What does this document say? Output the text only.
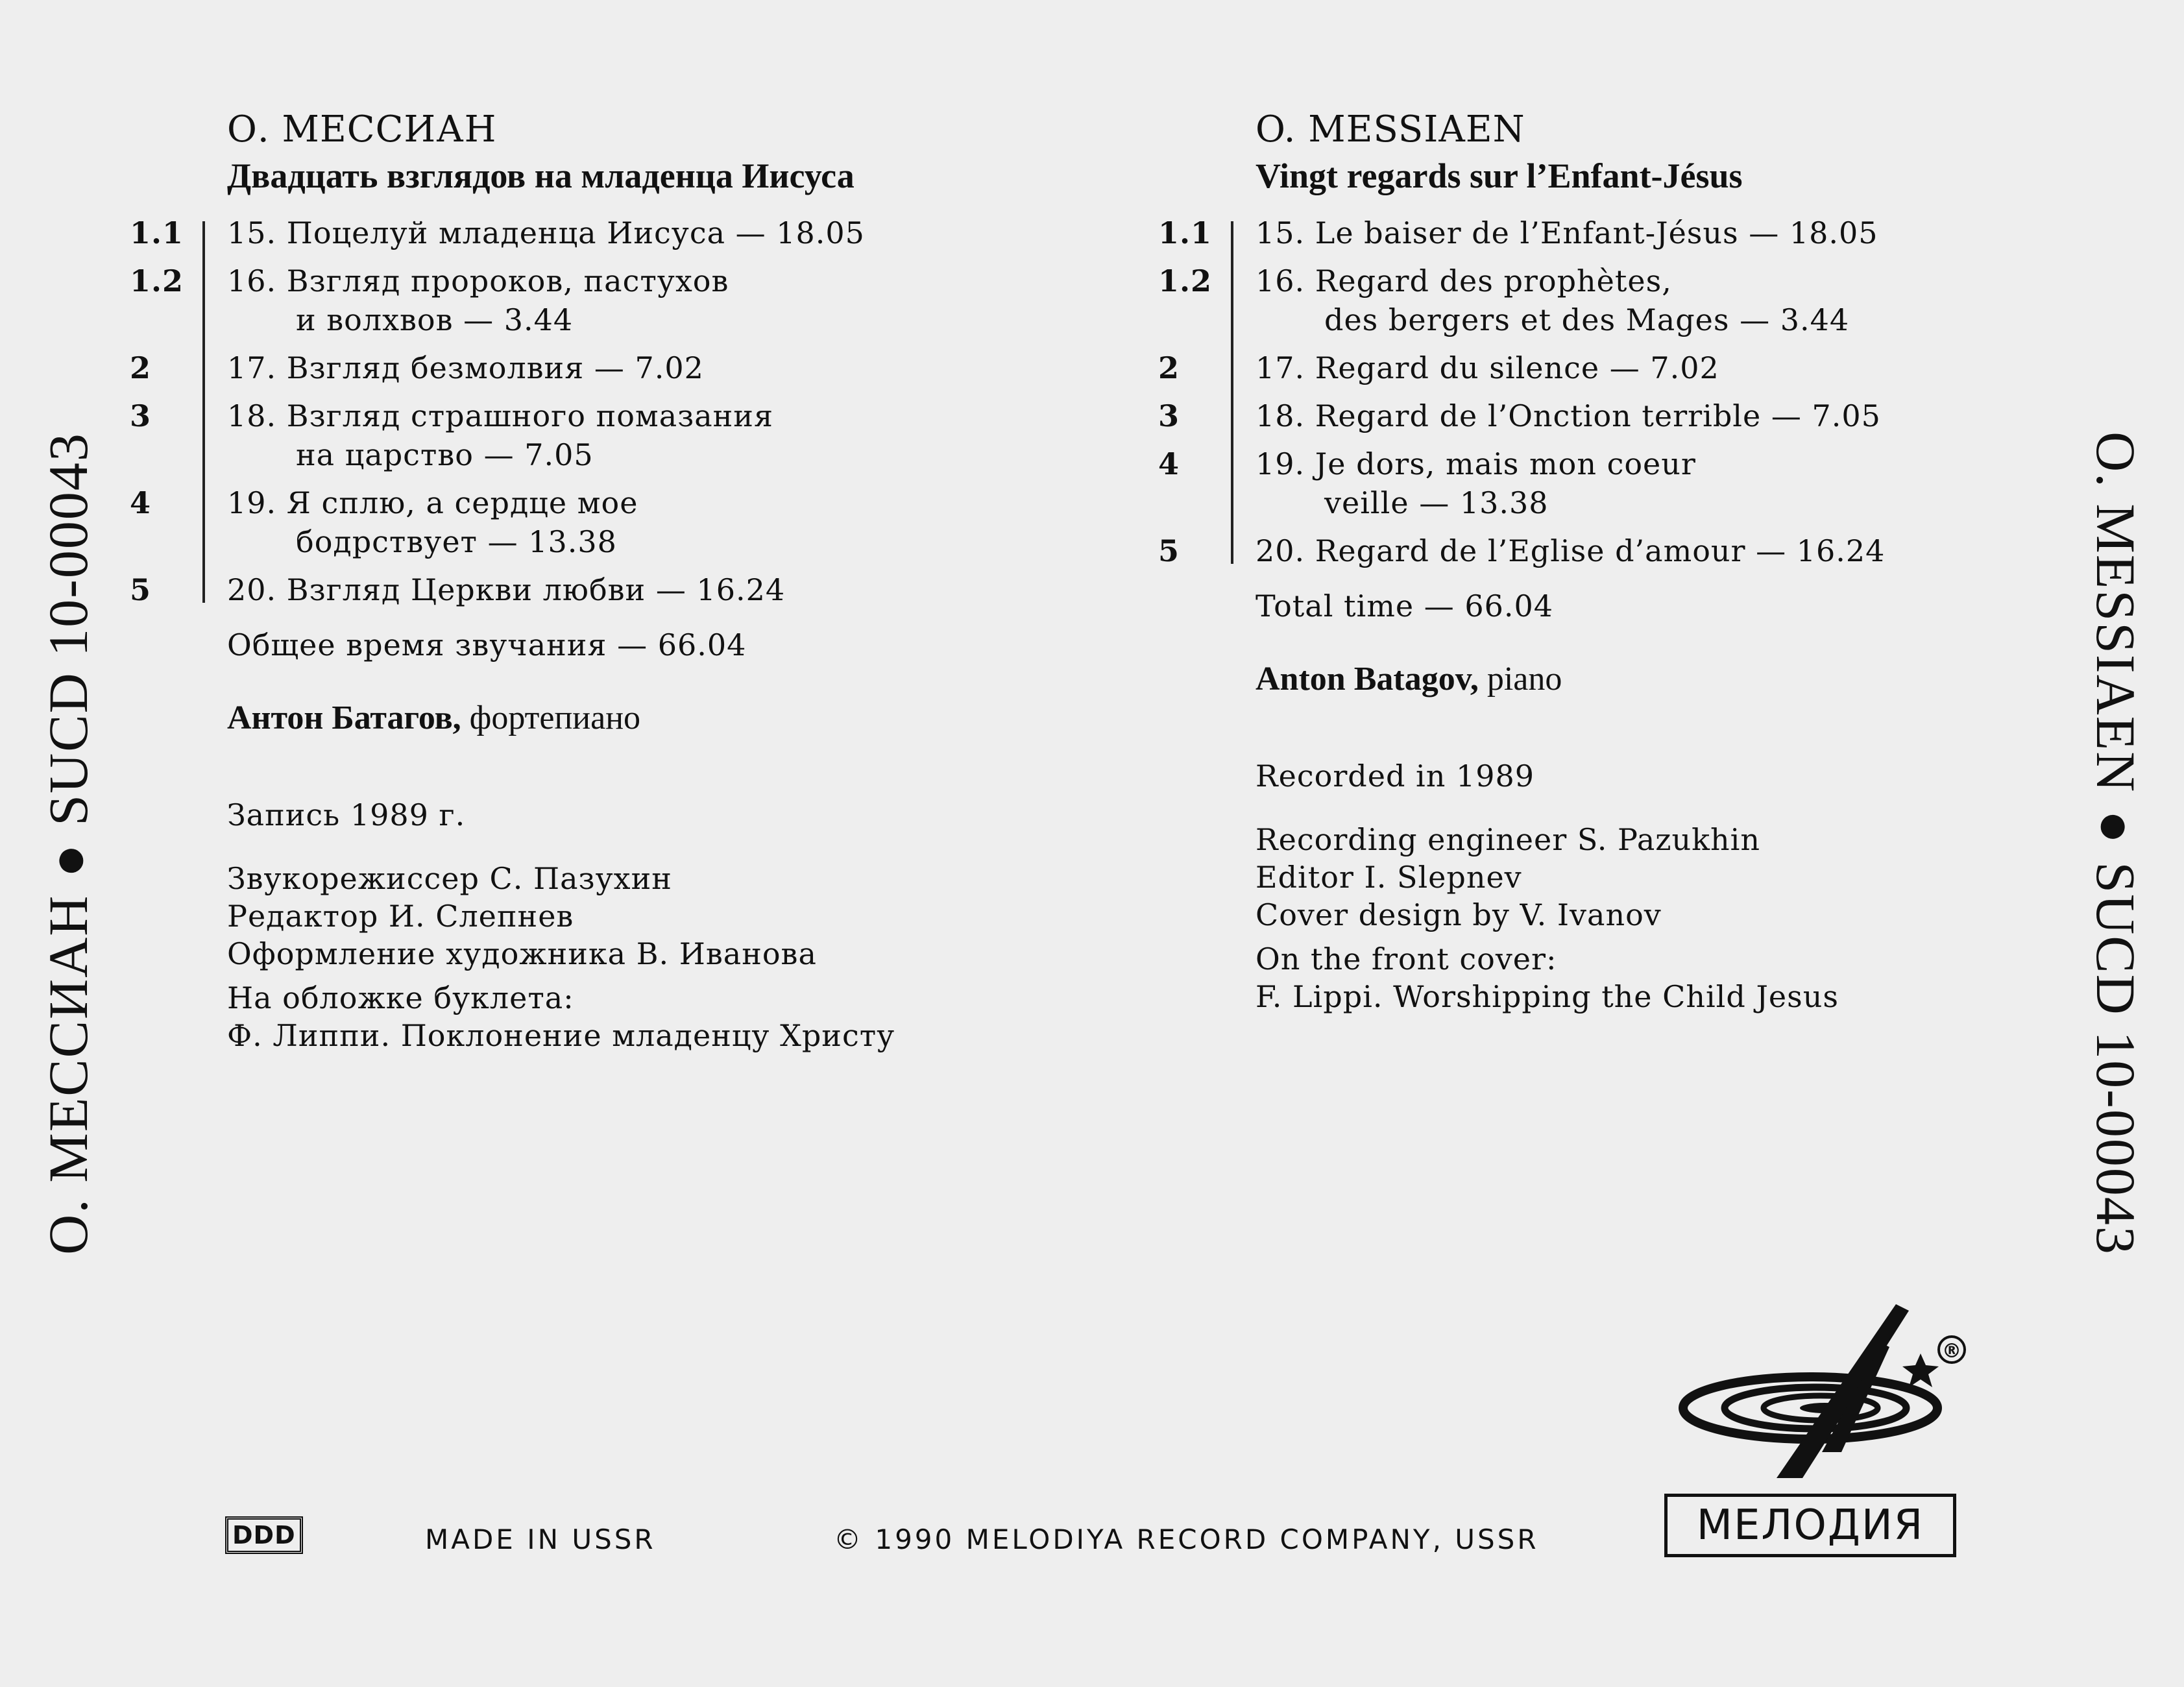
О. МЕССИАН●SUCD 10-00043	O. MESSIAEN●SUCD 10-00043
О. МЕССИАН
Двадцать взглядов на младенца Иисуса
1.1	15. Поцелуй младенца Иисуса — 18.05
1.2	16. Взгляд пророков, пастухов
и волхвов — 3.44
2	17. Взгляд безмолвия — 7.02
3	18. Взгляд страшного помазания
на царство — 7.05
4	19. Я сплю, а сердце мое
бодрствует — 13.38
5	20. Взгляд Церкви любви — 16.24
Общее время звучания — 66.04
Антон Батагов, фортепиано
Запись 1989 г.
Звукорежиссер С. Пазухин
Редактор И. Слепнев
Оформление художника В. Иванова
На обложке буклета:
Ф. Липпи. Поклонение младенцу Христу
O. MESSIAEN
Vingt regards sur l’Enfant-Jésus
1.1	15. Le baiser de l’Enfant-Jésus — 18.05
1.2	16. Regard des prophètes,
des bergers et des Mages — 3.44
2	17. Regard du silence — 7.02
3	18. Regard de l’Onction terrible — 7.05
4	19. Je dors, mais mon coeur
veille — 13.38
5	20. Regard de l’Eglise d’amour — 16.24
Total time — 66.04
Anton Batagov, piano
Recorded in 1989
Recording engineer S. Pazukhin
Editor I. Slepnev
Cover design by V. Ivanov
On the front cover:
F. Lippi. Worshipping the Child Jesus
DDD	MADE IN USSR	© 1990 MELODIYA RECORD COMPANY, USSR
®
МЕЛОДИЯ
